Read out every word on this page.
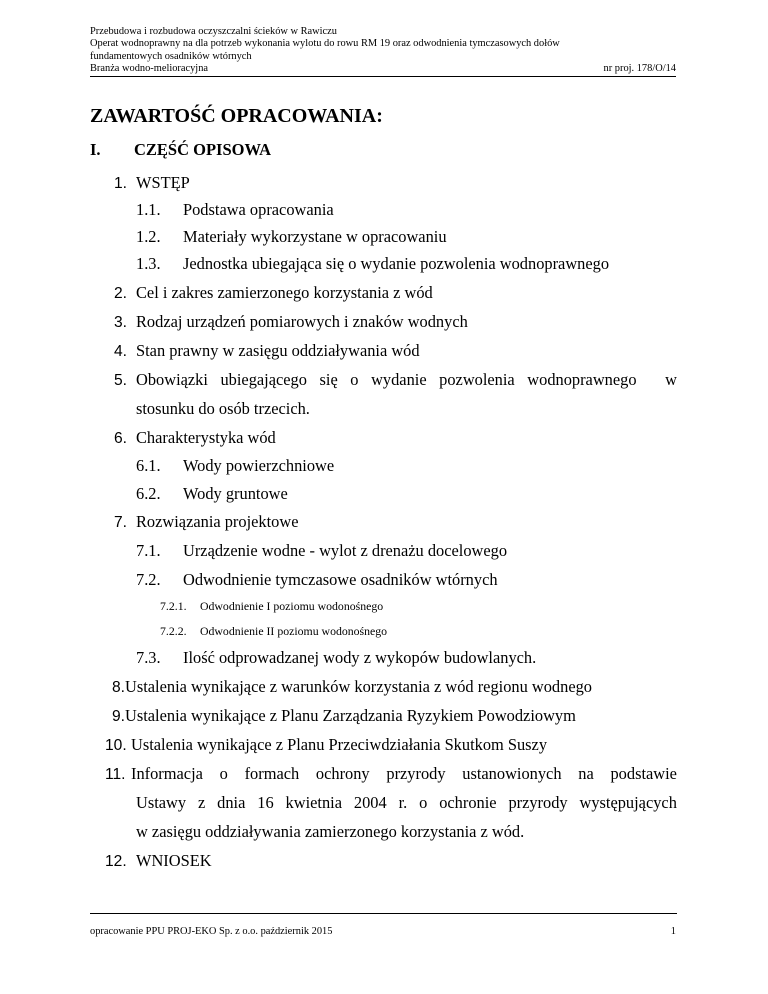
Przebudowa i rozbudowa oczyszczalni ścieków w Rawiczu
Operat wodnoprawny na dla potrzeb wykonania wylotu do rowu RM 19 oraz odwodnienia tymczasowych dołów
fundamentowych osadników wtórnych
Branża wodno-melioracyjna	nr proj. 178/O/14
ZAWARTOŚĆ OPRACOWANIA:
I. CZĘŚĆ OPISOWA
1. WSTĘP
1.1. Podstawa opracowania
1.2. Materiały wykorzystane w opracowaniu
1.3. Jednostka ubiegająca się o wydanie pozwolenia wodnoprawnego
2. Cel i zakres zamierzonego korzystania z wód
3. Rodzaj urządzeń pomiarowych i znaków wodnych
4. Stan prawny w zasięgu oddziaływania wód
5. Obowiązki ubiegającego się o wydanie pozwolenia wodnoprawnego w
stosunku do osób trzecich.
6. Charakterystyka wód
6.1. Wody powierzchniowe
6.2. Wody gruntowe
7. Rozwiązania projektowe
7.1. Urządzenie wodne - wylot z drenażu docelowego
7.2. Odwodnienie tymczasowe osadników wtórnych
7.2.1. Odwodnienie I poziomu wodonośnego
7.2.2. Odwodnienie II poziomu wodonośnego
7.3. Ilość odprowadzanej wody z wykopów budowlanych.
8. Ustalenia wynikające z warunków korzystania z wód regionu wodnego
9. Ustalenia wynikające z Planu Zarządzania Ryzykiem Powodziowym
10. Ustalenia wynikające z Planu Przeciwdziałania Skutkom Suszy
11. Informacja o formach ochrony przyrody ustanowionych na podstawie
Ustawy z dnia 16 kwietnia 2004 r. o ochronie przyrody występujących
w zasięgu oddziaływania zamierzonego korzystania z wód.
12. WNIOSEK
opracowanie PPU PROJ-EKO Sp. z o.o. październik 2015	1
